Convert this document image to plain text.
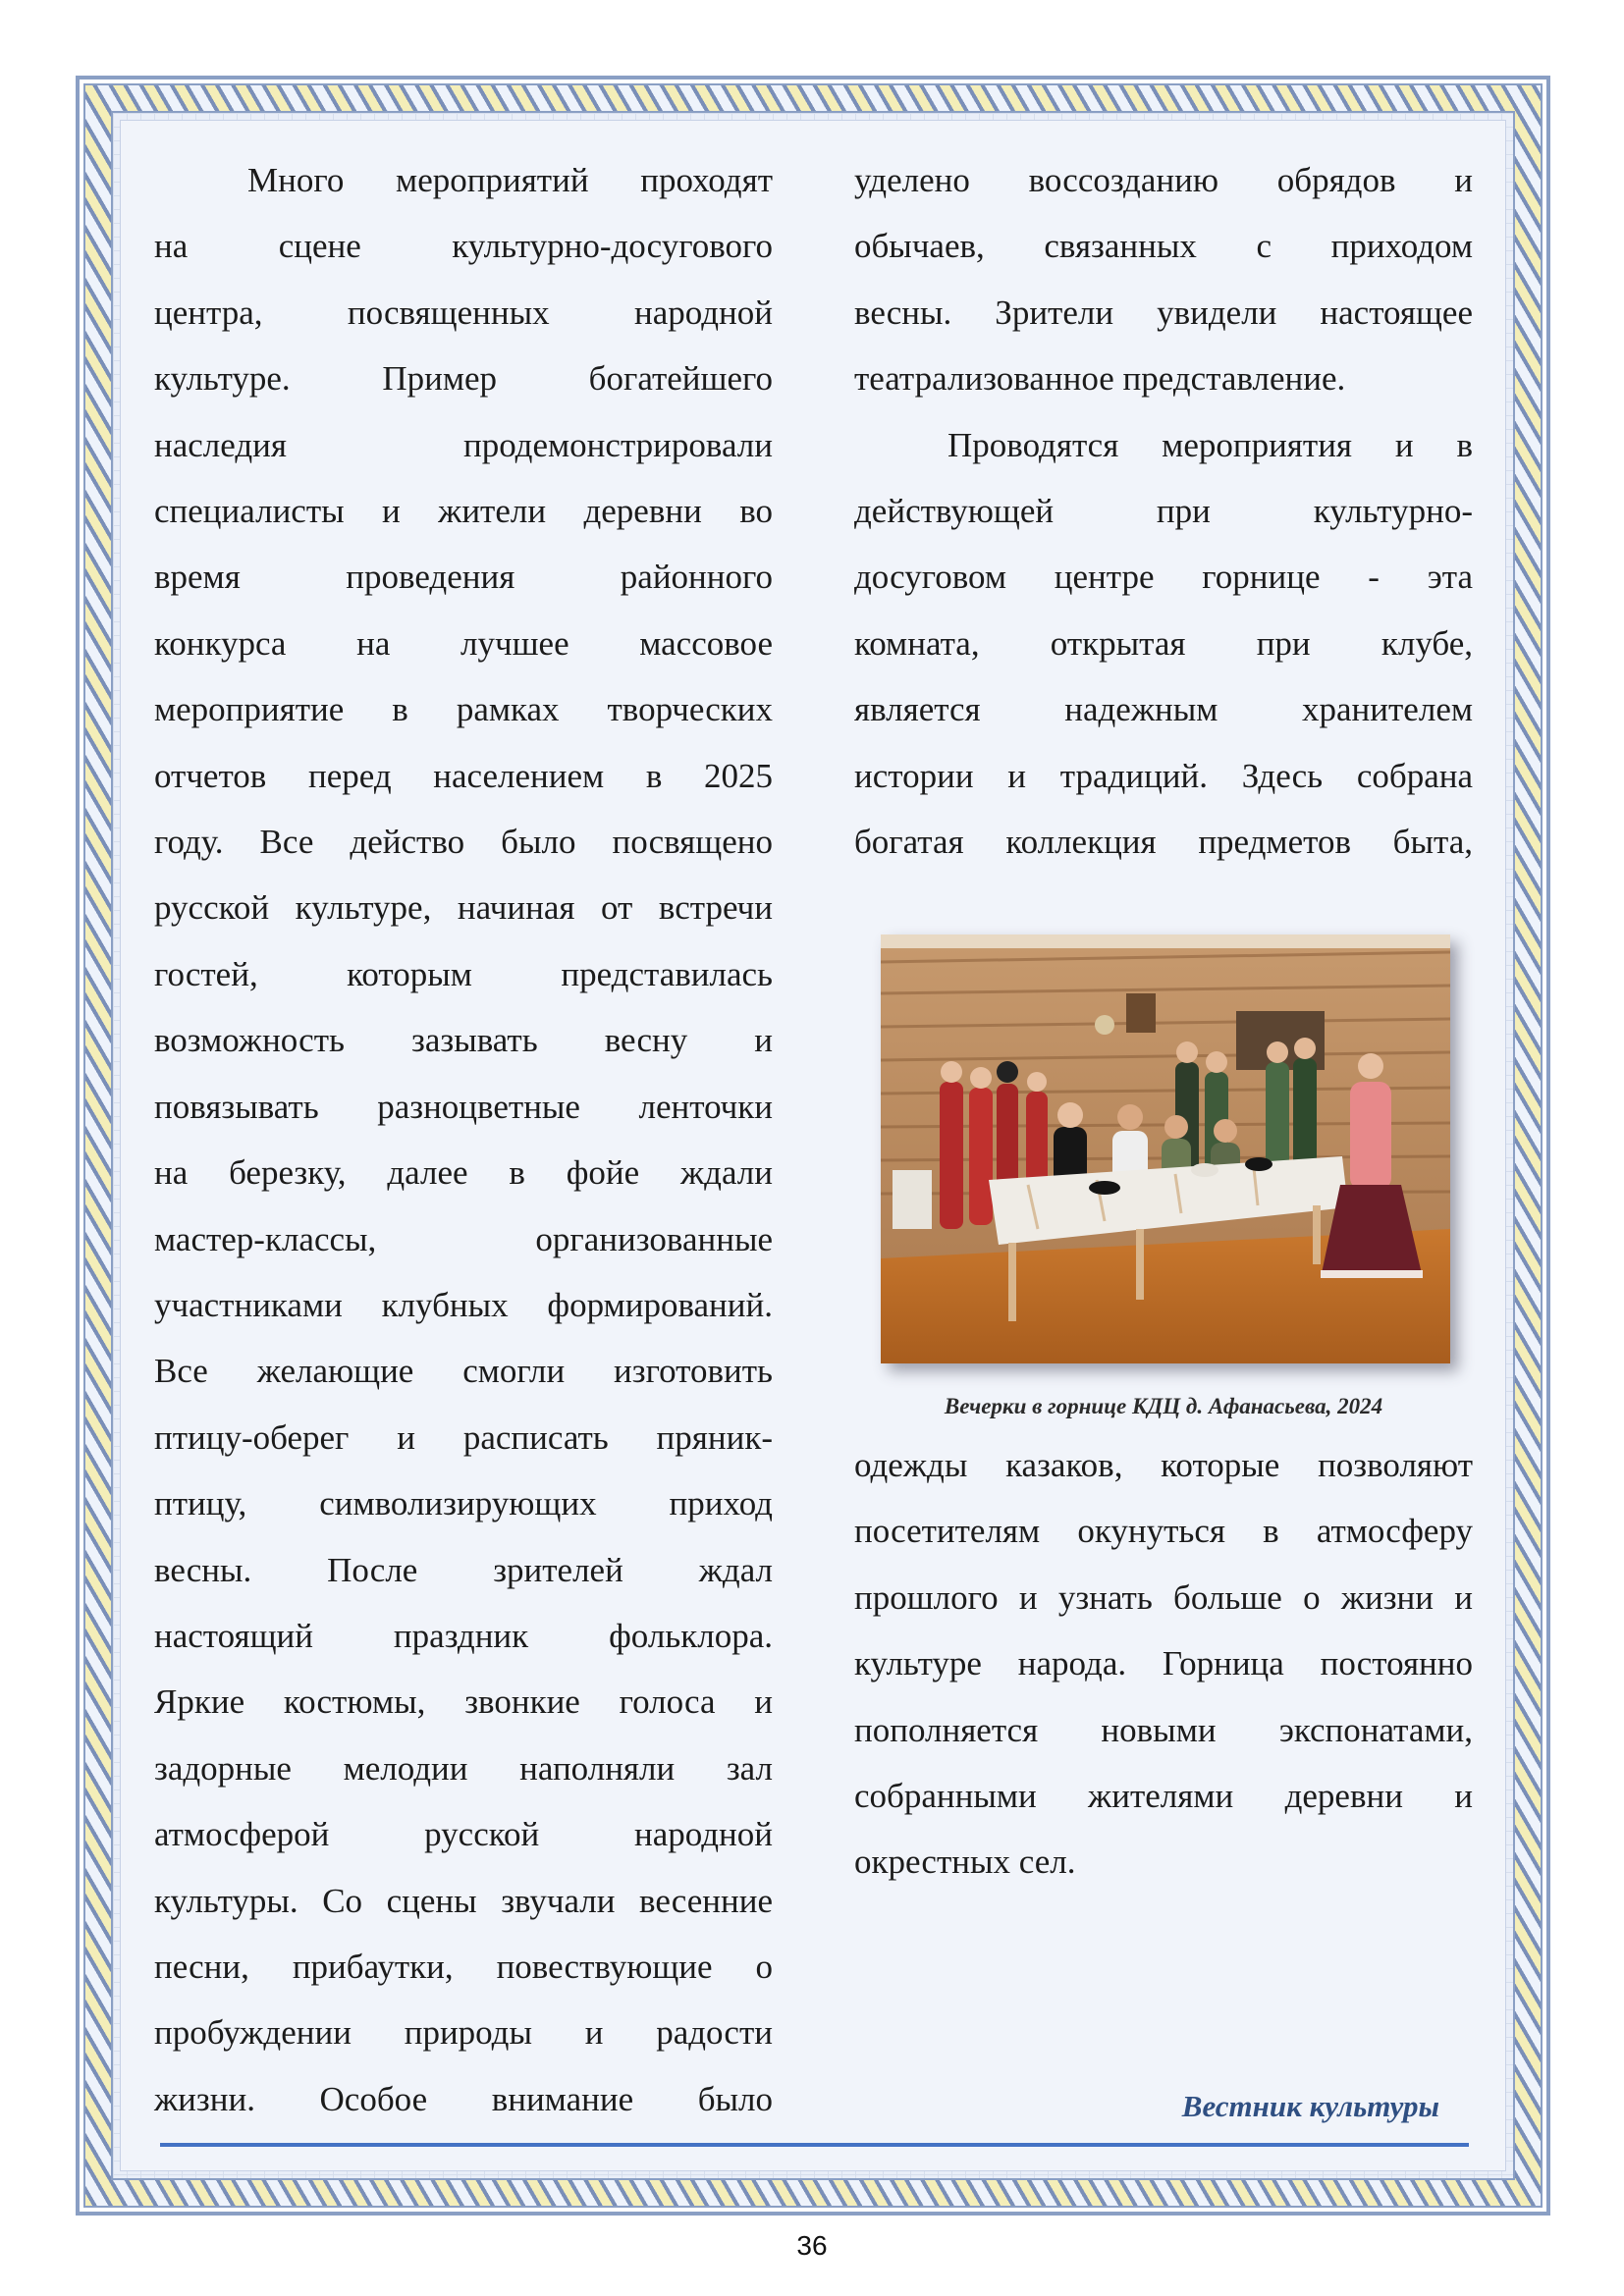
Много мероприятий проходят

на сцене культурно-досугового

центра, посвященных народной

культуре. Пример богатейшего

наследия продемонстрировали

специалисты и жители деревни во

время проведения районного

конкурса на лучшее массовое

мероприятие в рамках творческих

отчетов перед населением в 2025

году. Все действо было посвящено

русской культуре, начиная от встречи

гостей, которым представилась

возможность зазывать весну и

повязывать разноцветные ленточки

на березку, далее в фойе ждали

мастер-классы, организованные

участниками клубных формирований.

Все желающие смогли изготовить

птицу-оберег и расписать пряник-

птицу, символизирующих приход

весны. После зрителей ждал

настоящий праздник фольклора.

Яркие костюмы, звонкие голоса и

задорные мелодии наполняли зал

атмосферой русской народной

культуры. Со сцены звучали весенние

песни, прибаутки, повествующие о

пробуждении природы и радости

жизни. Особое внимание было

уделено воссозданию обрядов и

обычаев, связанных с приходом

весны. Зрители увидели настоящее

театрализованное представление.

Проводятся мероприятия и в

действующей при культурно-

досуговом центре горнице - эта

комната, открытая при клубе,

является надежным хранителем

истории и традиций. Здесь собрана

богатая коллекция предметов быта,

Вечерки в горнице КДЦ д. Афанасьева, 2024

одежды казаков, которые позволяют

посетителям окунуться в атмосферу

прошлого и узнать больше о жизни и

культуре народа. Горница постоянно

пополняется новыми экспонатами,

собранными жителями деревни и

окрестных сел.

Вестник культуры
36
